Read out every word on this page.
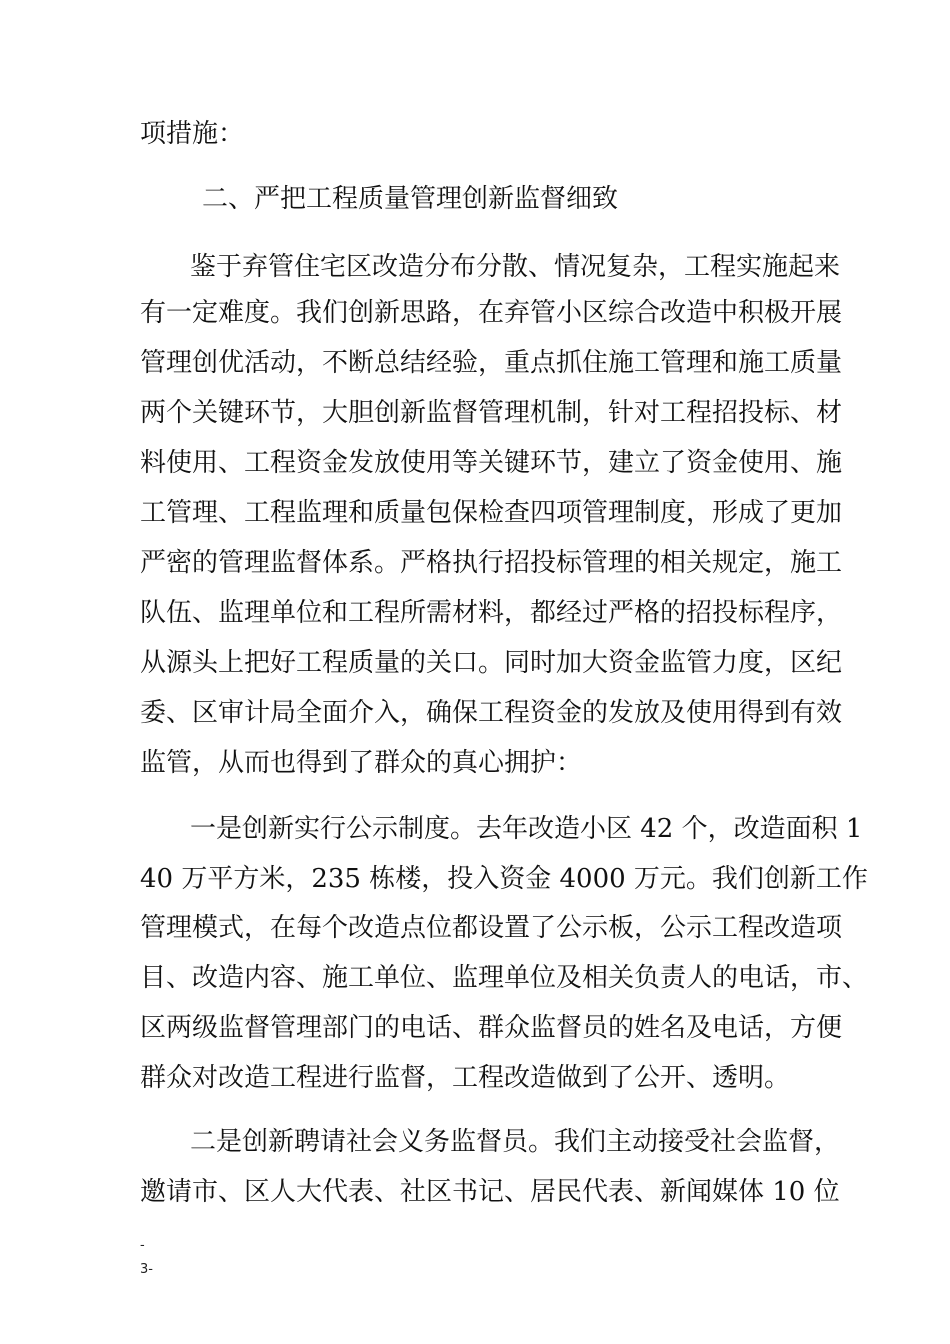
项措施：
二、严把工程质量管理创新监督细致
鉴于弃管住宅区改造分布分散、情况复杂，工程实施起来
有一定难度。我们创新思路，在弃管小区综合改造中积极开展
管理创优活动，不断总结经验，重点抓住施工管理和施工质量
两个关键环节，大胆创新监督管理机制，针对工程招投标、材
料使用、工程资金发放使用等关键环节，建立了资金使用、施
工管理、工程监理和质量包保检查四项管理制度，形成了更加
严密的管理监督体系。严格执行招投标管理的相关规定，施工
队伍、监理单位和工程所需材料，都经过严格的招投标程序，
从源头上把好工程质量的关口。同时加大资金监管力度，区纪
委、区审计局全面介入，确保工程资金的发放及使用得到有效
监管，从而也得到了群众的真心拥护：
一是创新实行公示制度。去年改造小区 42 个，改造面积 1
40 万平方米，235 栋楼，投入资金 4000 万元。我们创新工作
管理模式，在每个改造点位都设置了公示板，公示工程改造项
目、改造内容、施工单位、监理单位及相关负责人的电话，市、
区两级监督管理部门的电话、群众监督员的姓名及电话，方便
群众对改造工程进行监督，工程改造做到了公开、透明。
二是创新聘请社会义务监督员。我们主动接受社会监督，
邀请市、区人大代表、社区书记、居民代表、新闻媒体 10 位
-
3-
